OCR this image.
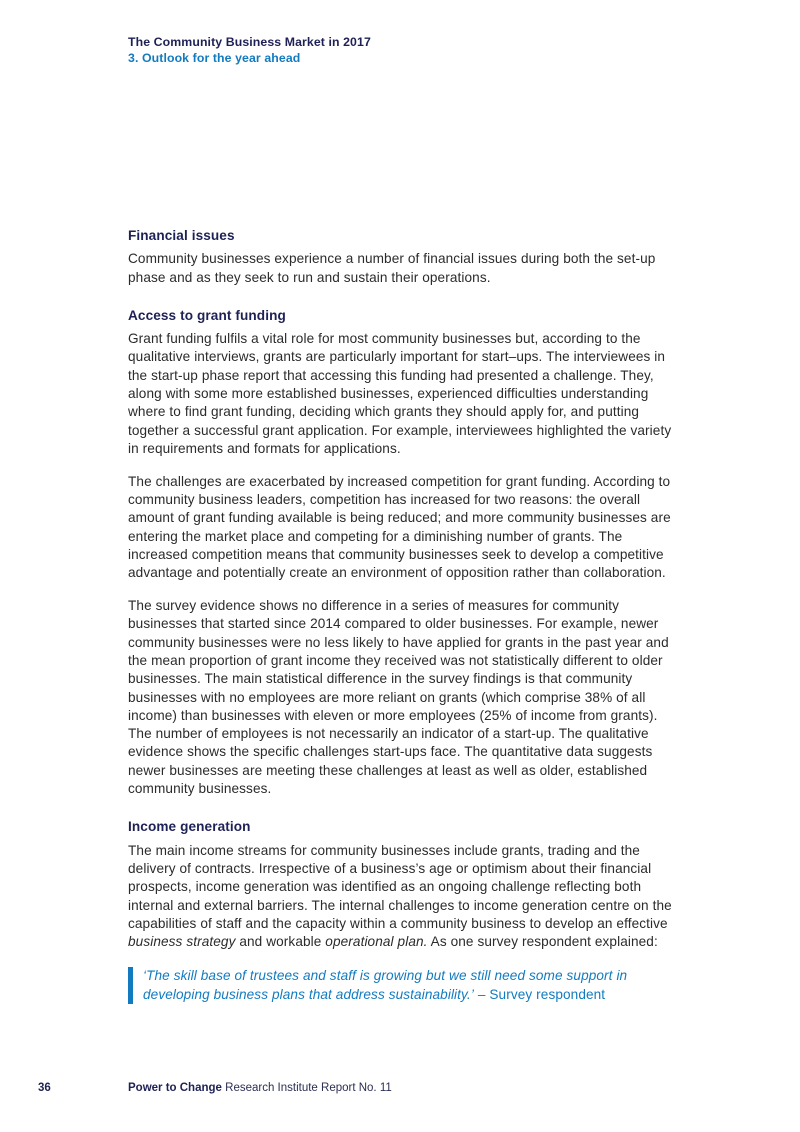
The Community Business Market in 2017
3. Outlook for the year ahead
Financial issues

Community businesses experience a number of financial issues during both the set-up phase and as they seek to run and sustain their operations.

Access to grant funding

Grant funding fulfils a vital role for most community businesses but, according to the qualitative interviews, grants are particularly important for start–ups. The interviewees in the start-up phase report that accessing this funding had presented a challenge. They, along with some more established businesses, experienced difficulties understanding where to find grant funding, deciding which grants they should apply for, and putting together a successful grant application. For example, interviewees highlighted the variety in requirements and formats for applications.

The challenges are exacerbated by increased competition for grant funding. According to community business leaders, competition has increased for two reasons: the overall amount of grant funding available is being reduced; and more community businesses are entering the market place and competing for a diminishing number of grants. The increased competition means that community businesses seek to develop a competitive advantage and potentially create an environment of opposition rather than collaboration.

The survey evidence shows no difference in a series of measures for community businesses that started since 2014 compared to older businesses. For example, newer community businesses were no less likely to have applied for grants in the past year and the mean proportion of grant income they received was not statistically different to older businesses. The main statistical difference in the survey findings is that community businesses with no employees are more reliant on grants (which comprise 38% of all income) than businesses with eleven or more employees (25% of income from grants). The number of employees is not necessarily an indicator of a start-up. The qualitative evidence shows the specific challenges start-ups face. The quantitative data suggests newer businesses are meeting these challenges at least as well as older, established community businesses.

Income generation

The main income streams for community businesses include grants, trading and the delivery of contracts. Irrespective of a business’s age or optimism about their financial prospects, income generation was identified as an ongoing challenge reflecting both internal and external barriers. The internal challenges to income generation centre on the capabilities of staff and the capacity within a community business to develop an effective business strategy and workable operational plan. As one survey respondent explained:

‘The skill base of trustees and staff is growing but we still need some support in developing business plans that address sustainability.’ – Survey respondent
36	Power to Change Research Institute Report No. 11
